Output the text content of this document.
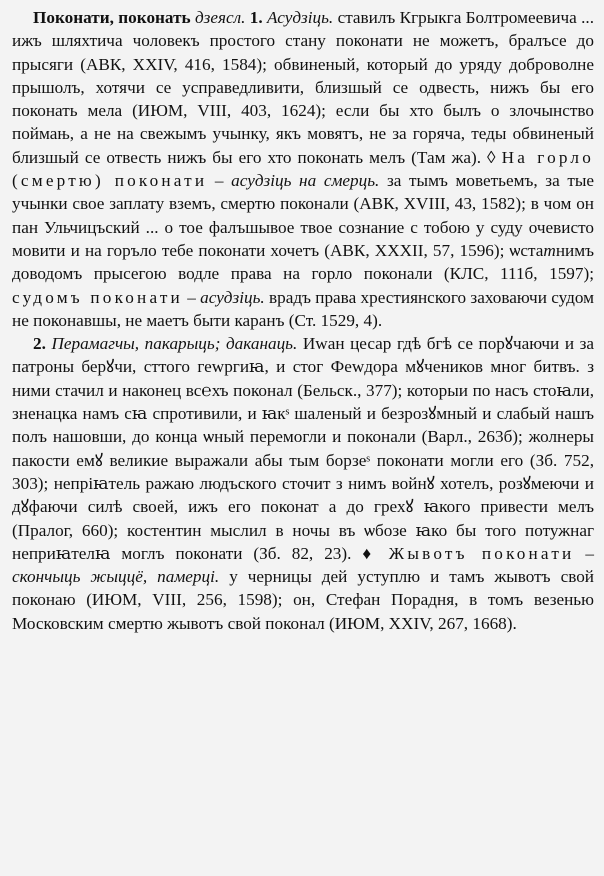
Поконати, поконать дзеясл. 1. Асудзіць. ставилъ Кгрыкга Болтромеевича ... ижъ шляхтича чоловекъ простого стану поконати не можетъ, бралъсе до прысяги (АВК, XXIV, 416, 1584); обвиненый, который до уряду доброволне прышолъ, хотячи се усправедливити, близшый се одвесть, нижъ бы его поконать мела (ИЮМ, VIII, 403, 1624); если бы хто былъ о злочынство поймањ, а не на свежымъ учынку, якъ мовятъ, не за горяча, теды обвиненый близшый се отвесть нижъ бы его хто поконать мелъ (Там жа). ◊ На горло (смертю) поконати – асудзіць на смерць. за тымъ моветьемъ, за тые учынки свое заплату вземъ, смертю поконали (АВК, XVIII, 43, 1582); в чом он пан Ульчицъский ... о тое фалъшывое твое сознание с тобою у суду очевисто мовити и на горъло тебе поконати хочетъ (АВК, XXXII, 57, 1596); ѡстатнимъ доводомъ прысегою водле права на горло поконали (КЛС, 111б, 1597); судомъ поконати – асудзіць. врадъ права хрестиянского заховаючи судом не поконавшы, не маетъ быти каранъ (Ст. 1529, 4).

2. Перамагчы, пакарыць; даканаць. Иwан цесар гдѣ бгѣ се порꙋчаючи и за патроны берꙋчи, сттого геwргиꙗ, и стог Феwдора мꙋчеников мног битвъ. з ними стачил и наконец вс℮хъ поконал (Бельск., 377); которыи по насъ стоꙗли, зненацка намъ сꙗ спротивили, и ꙗкˢ шаленый и безрозꙋмный и слабый нашъ полъ нашовши, до конца ѡный перемогли и поконали (Варл., 263б); жолнеры пакости емꙋ великие выражали абы тым борзеˢ поконати могли его (Зб. 752, 303); непрiꙗтель ражаю людъского сточит з нимъ войнꙋ хотелъ, розꙋмеючи и дꙋфаючи силѣ своей, ижъ его поконат а до грехꙋ ꙗкого привести мелъ (Пралог, 660); костентин мыслил в ночы въ ѡбозе ꙗко бы того потужнаг неприꙗтелꙗ моглъ поконати (Зб. 82, 23). ♦ Жывотъ поконати – скончыць жыццё, памерці. у черницы дей уступлю и тамъ жывотъ свой поконаю (ИЮМ, VIII, 256, 1598); он, Стефан Порадня, в томъ везенью Московским смертю жывотъ свой поконал (ИЮМ, XXIV, 267, 1668).
